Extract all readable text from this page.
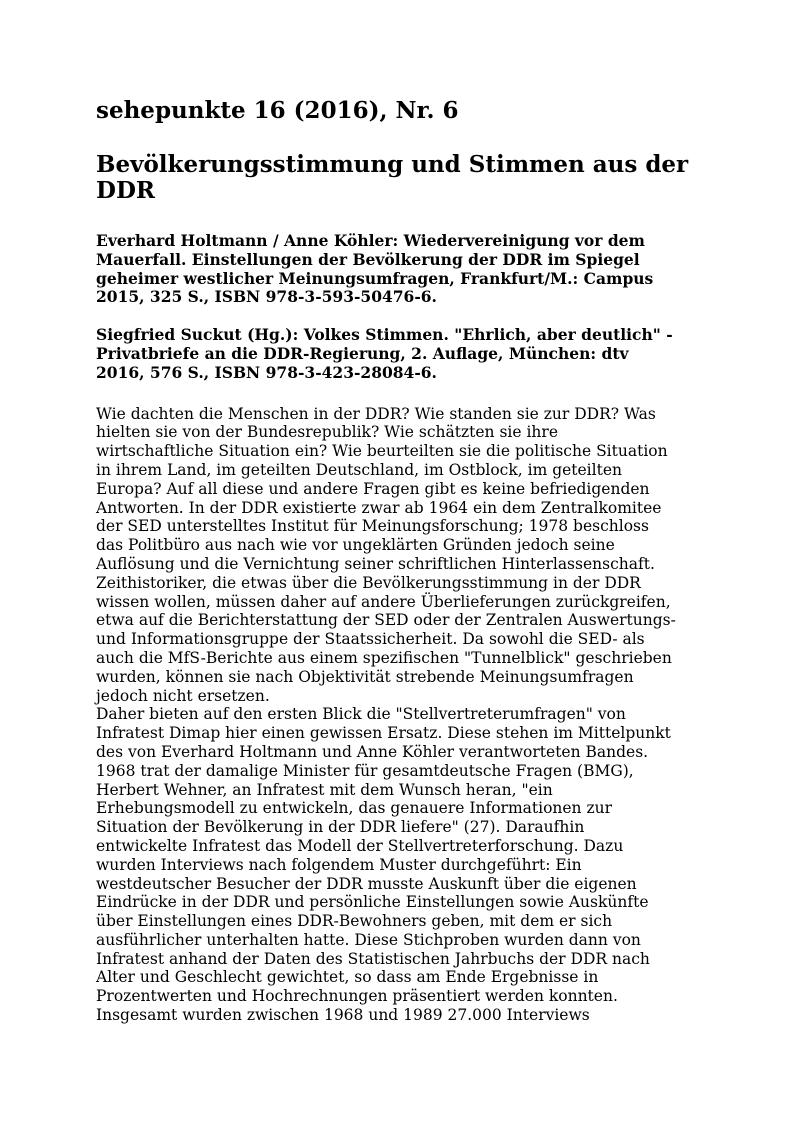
sehepunkte 16 (2016), Nr. 6
Bevölkerungsstimmung und Stimmen aus der
DDR
Everhard Holtmann / Anne Köhler: Wiedervereinigung vor dem
Mauerfall. Einstellungen der Bevölkerung der DDR im Spiegel
geheimer westlicher Meinungsumfragen, Frankfurt/M.: Campus
2015, 325 S., ISBN 978-3-593-50476-6.
Siegfried Suckut (Hg.): Volkes Stimmen. "Ehrlich, aber deutlich" -
Privatbriefe an die DDR-Regierung, 2. Auflage, München: dtv
2016, 576 S., ISBN 978-3-423-28084-6.

Wie dachten die Menschen in der DDR? Wie standen sie zur DDR? Was
hielten sie von der Bundesrepublik? Wie schätzten sie ihre
wirtschaftliche Situation ein? Wie beurteilten sie die politische Situation
in ihrem Land, im geteilten Deutschland, im Ostblock, im geteilten
Europa? Auf all diese und andere Fragen gibt es keine befriedigenden
Antworten. In der DDR existierte zwar ab 1964 ein dem Zentralkomitee
der SED unterstelltes Institut für Meinungsforschung; 1978 beschloss
das Politbüro aus nach wie vor ungeklärten Gründen jedoch seine
Auflösung und die Vernichtung seiner schriftlichen Hinterlassenschaft.
Zeithistoriker, die etwas über die Bevölkerungsstimmung in der DDR
wissen wollen, müssen daher auf andere Überlieferungen zurückgreifen,
etwa auf die Berichterstattung der SED oder der Zentralen Auswertungs-
und Informationsgruppe der Staatssicherheit. Da sowohl die SED- als
auch die MfS-Berichte aus einem spezifischen "Tunnelblick" geschrieben
wurden, können sie nach Objektivität strebende Meinungsumfragen
jedoch nicht ersetzen.

Daher bieten auf den ersten Blick die "Stellvertreterumfragen" von
Infratest Dimap hier einen gewissen Ersatz. Diese stehen im Mittelpunkt
des von Everhard Holtmann und Anne Köhler verantworteten Bandes.
1968 trat der damalige Minister für gesamtdeutsche Fragen (BMG),
Herbert Wehner, an Infratest mit dem Wunsch heran, "ein
Erhebungsmodell zu entwickeln, das genauere Informationen zur
Situation der Bevölkerung in der DDR liefere" (27). Daraufhin
entwickelte Infratest das Modell der Stellvertreterforschung. Dazu
wurden Interviews nach folgendem Muster durchgeführt: Ein
westdeutscher Besucher der DDR musste Auskunft über die eigenen
Eindrücke in der DDR und persönliche Einstellungen sowie Auskünfte
über Einstellungen eines DDR-Bewohners geben, mit dem er sich
ausführlicher unterhalten hatte. Diese Stichproben wurden dann von
Infratest anhand der Daten des Statistischen Jahrbuchs der DDR nach
Alter und Geschlecht gewichtet, so dass am Ende Ergebnisse in
Prozentwerten und Hochrechnungen präsentiert werden konnten.
Insgesamt wurden zwischen 1968 und 1989 27.000 Interviews
